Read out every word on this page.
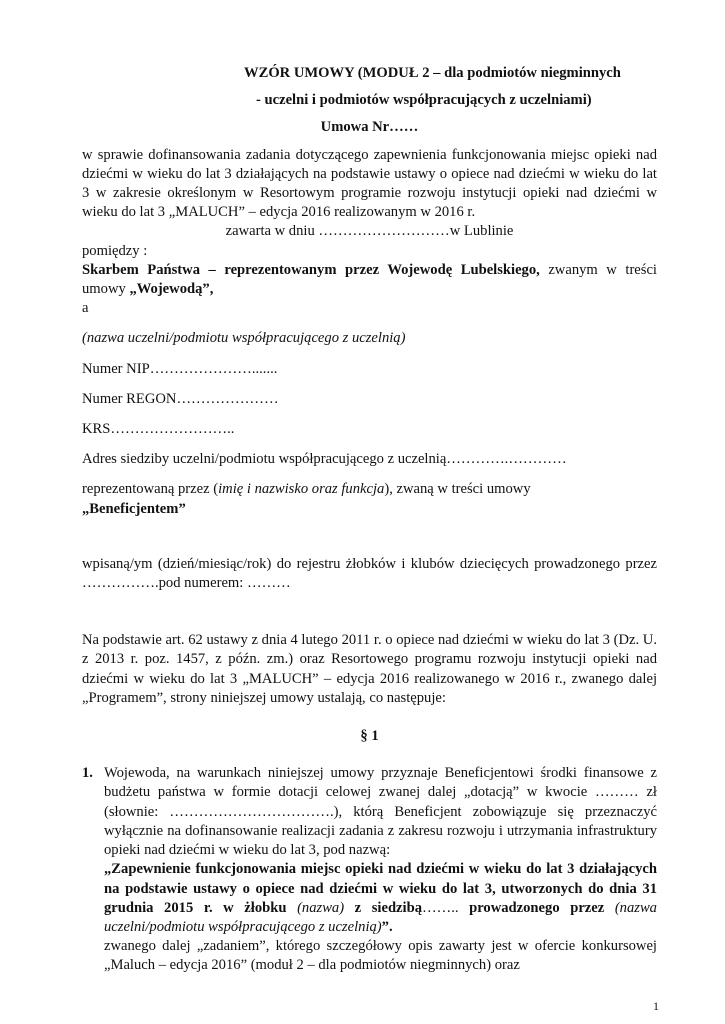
WZÓR UMOWY (MODUŁ 2 – dla podmiotów niegminnych

- uczelni i podmiotów współpracujących z uczelniami)

Umowa Nr……

w sprawie dofinansowania zadania dotyczącego zapewnienia funkcjonowania miejsc opieki nad dziećmi w wieku do lat 3 działających na podstawie ustawy o opiece nad dziećmi w wieku do lat 3 w zakresie określonym w Resortowym programie rozwoju instytucji opieki nad dziećmi w wieku do lat 3 „MALUCH” – edycja 2016 realizowanym w 2016 r.

zawarta w dniu ………………………w Lublinie

pomiędzy :

Skarbem Państwa – reprezentowanym przez Wojewodę Lubelskiego, zwanym w treści umowy „Wojewodą”,

a

(nazwa uczelni/podmiotu współpracującego z uczelnią)

Numer NIP………………….......

Numer REGON…………………

KRS……………………..

Adres siedziby uczelni/podmiotu współpracującego z uczelnią………….…………

reprezentowaną przez (imię i nazwisko oraz funkcja), zwaną w treści umowy

„Beneficjentem”

wpisaną/ym (dzień/miesiąc/rok) do rejestru żłobków i klubów dziecięcych prowadzonego przez …………….pod numerem: ………

Na podstawie art. 62 ustawy z dnia 4 lutego 2011 r. o opiece nad dziećmi w wieku do lat 3 (Dz. U. z 2013 r. poz. 1457, z późn. zm.) oraz Resortowego programu rozwoju instytucji opieki nad dziećmi w wieku do lat 3 „MALUCH” – edycja 2016 realizowanego w 2016 r., zwanego dalej „Programem”, strony niniejszej umowy ustalają, co następuje:

§ 1

1. Wojewoda, na warunkach niniejszej umowy przyznaje Beneficjentowi środki finansowe z budżetu państwa w formie dotacji celowej zwanej dalej „dotacją” w kwocie ……… zł (słownie: …………………………….), którą Beneficjent zobowiązuje się przeznaczyć wyłącznie na dofinansowanie realizacji zadania z zakresu rozwoju i utrzymania infrastruktury opieki nad dziećmi w wieku do lat 3, pod nazwą:

„Zapewnienie funkcjonowania miejsc opieki nad dziećmi w wieku do lat 3 działających na podstawie ustawy o opiece nad dziećmi w wieku do lat 3, utworzonych do dnia 31 grudnia 2015 r. w żłobku (nazwa) z siedzibą…….. prowadzonego przez (nazwa uczelni/podmiotu współpracującego z uczelnią)”.

zwanego dalej „zadaniem”, którego szczegółowy opis zawarty jest w ofercie konkursowej „Maluch – edycja 2016” (moduł 2 – dla podmiotów niegminnych) oraz

1
